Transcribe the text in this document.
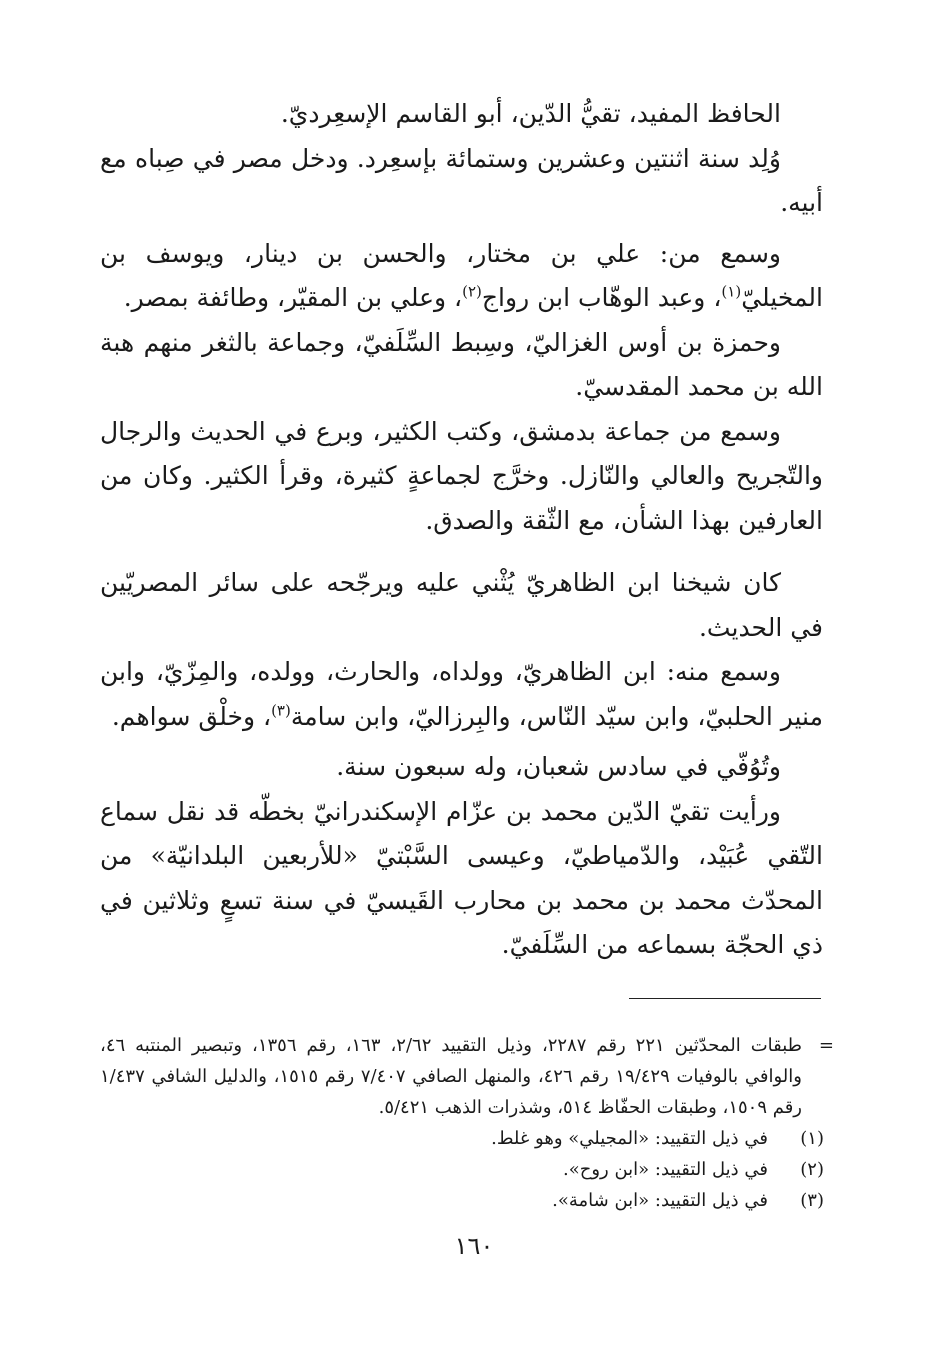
الحافظ المفيد، تقيُّ الدّين، أبو القاسم الإسعِرديّ.

وُلِد سنة اثنتين وعشرين وستمائة بإسعِرد. ودخل مصر في صِباه مع أبيه.

وسمع من: علي بن مختار، والحسن بن دينار، ويوسف بن المخيليّ$^{(١)}$، وعبد الوهّاب ابن رواج$^{(٢)}$، وعلي بن المقيّر، وطائفة بمصر.

وحمزة بن أوس الغزاليّ، وسِبط السِّلَفيّ، وجماعة بالثغر منهم هبة الله بن محمد المقدسيّ.

وسمع من جماعة بدمشق، وكتب الكثير، وبرع في الحديث والرجال والتّجريح والعالي والنّازل. وخرَّج لجماعةٍ كثيرة، وقرأ الكثير. وكان من العارفين بهذا الشأن، مع الثّقة والصدق.

كان شيخنا ابن الظاهريّ يُثْني عليه ويرجّحه على سائر المصريّين في الحديث.

وسمع منه: ابن الظاهريّ، وولداه، والحارث، وولده، والمِزّيّ، وابن منير الحلبيّ، وابن سيّد النّاس، والبِرزاليّ، وابن سامة$^{(٣)}$، وخلْق سواهم.

وتُوُفّي في سادس شعبان، وله سبعون سنة.

ورأيت تقيّ الدّين محمد بن عزّام الإسكندرانيّ بخطّه قد نقل سماع التّقي عُبَيْد، والدّمياطيّ، وعيسى السَّبْتيّ «للأربعين البلدانيّة» من المحدّث محمد بن محمد بن محارب القَيسيّ في سنة تسعٍ وثلاثين في ذي الحجّة بسماعه من السِّلَفيّ.

=
طبقات المحدّثين ٢٢١ رقم ٢٢٨٧، وذيل التقييد ٢/٦٢، ١٦٣، رقم ١٣٥٦، وتبصير المنتبه ٤٦، والوافي بالوفيات ١٩/٤٢٩ رقم ٤٢٦، والمنهل الصافي ٧/٤٠٧ رقم ١٥١٥، والدليل الشافي ١/٤٣٧ رقم ١٥٠٩، وطبقات الحفّاظ ٥١٤، وشذرات الذهب ٥/٤٢١.

(١)
في ذيل التقييد: «المجيلي» وهو غلط.
(٢)
في ذيل التقييد: «ابن روح».
(٣)
في ذيل التقييد: «ابن شامة».
١٦٠
